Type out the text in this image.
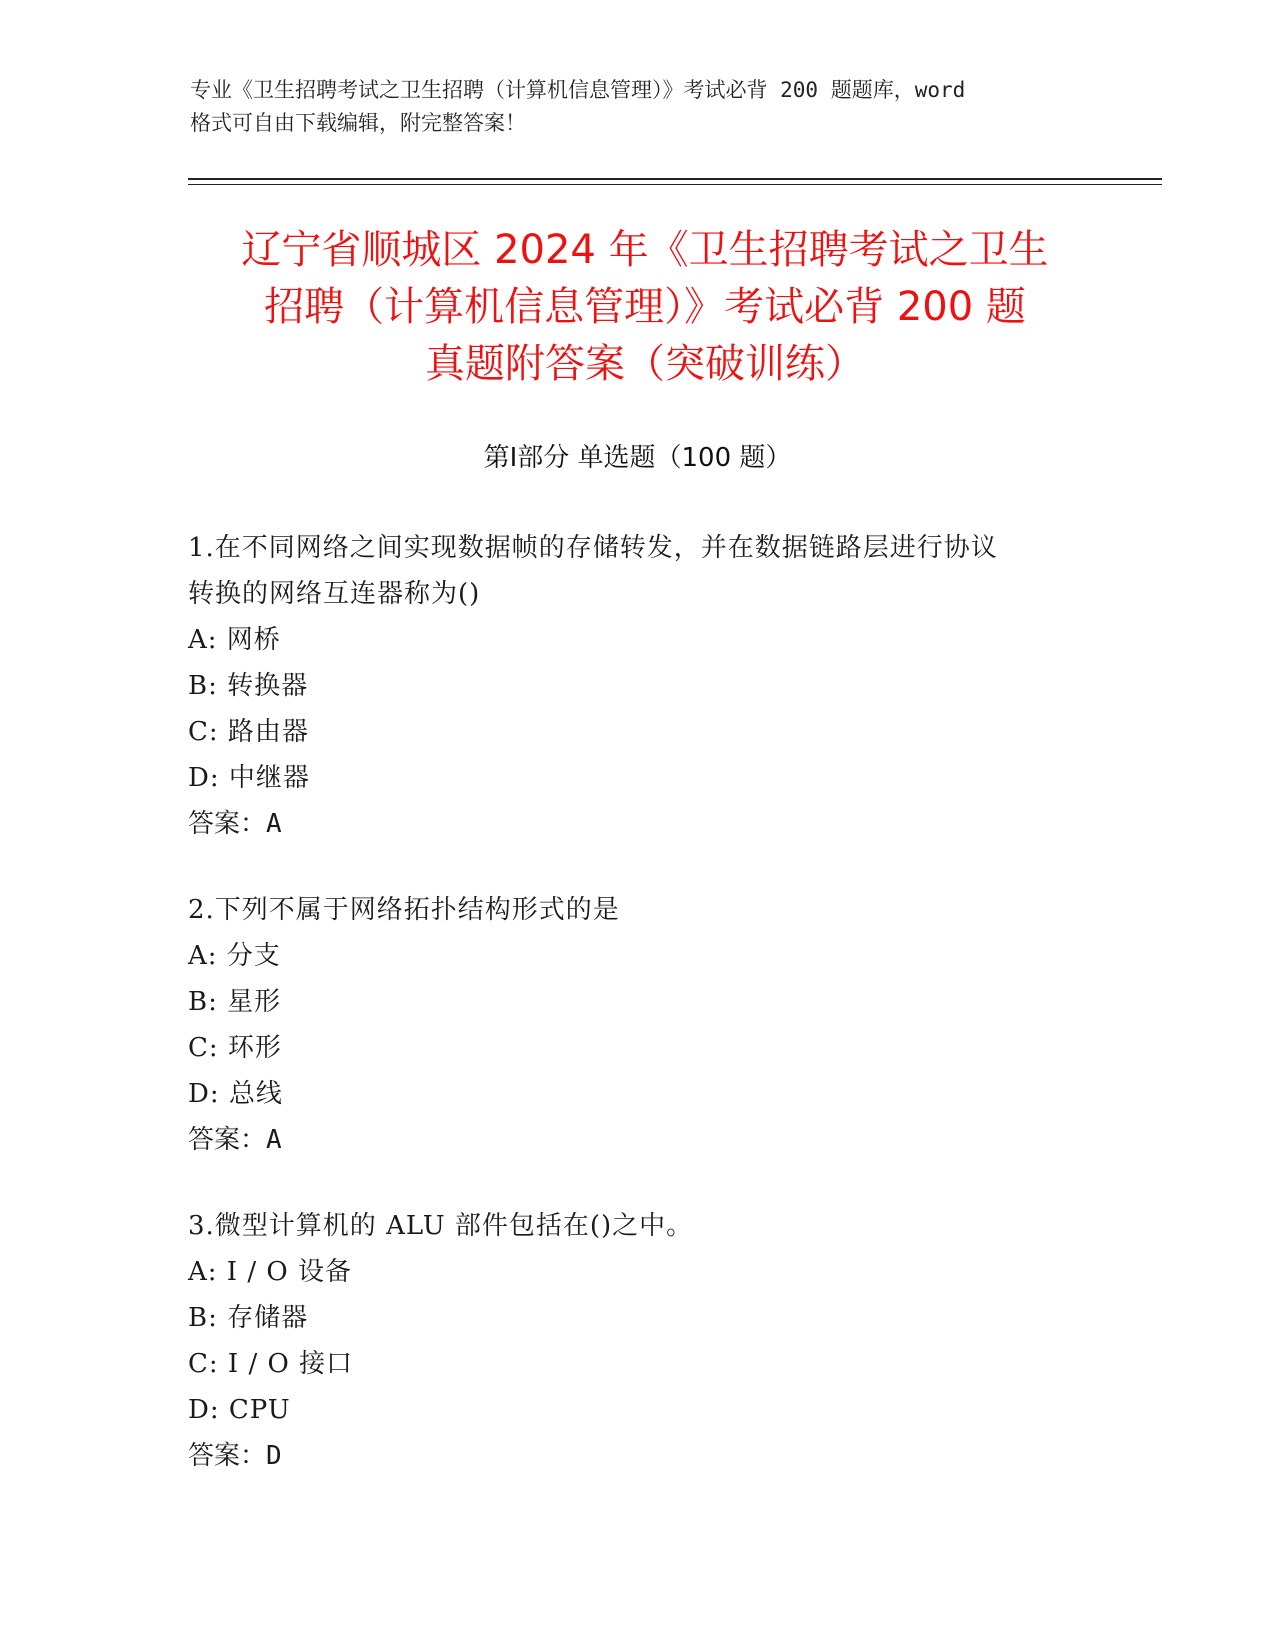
专业《卫生招聘考试之卫生招聘（计算机信息管理）》考试必背 200 题题库，word
格式可自由下载编辑，附完整答案！
辽宁省顺城区 2024 年《卫生招聘考试之卫生
招聘（计算机信息管理）》考试必背 200 题
真题附答案（突破训练）
第Ⅰ部分 单选题（100 题）
1.在不同网络之间实现数据帧的存储转发，并在数据链路层进行协议
转换的网络互连器称为()
A: 网桥
B: 转换器
C: 路由器
D: 中继器
答案：A
2.下列不属于网络拓扑结构形式的是
A: 分支
B: 星形
C: 环形
D: 总线
答案：A
3.微型计算机的 ALU 部件包括在()之中。
A: I / O 设备
B: 存储器
C: I / O 接口
D: CPU
答案：D
